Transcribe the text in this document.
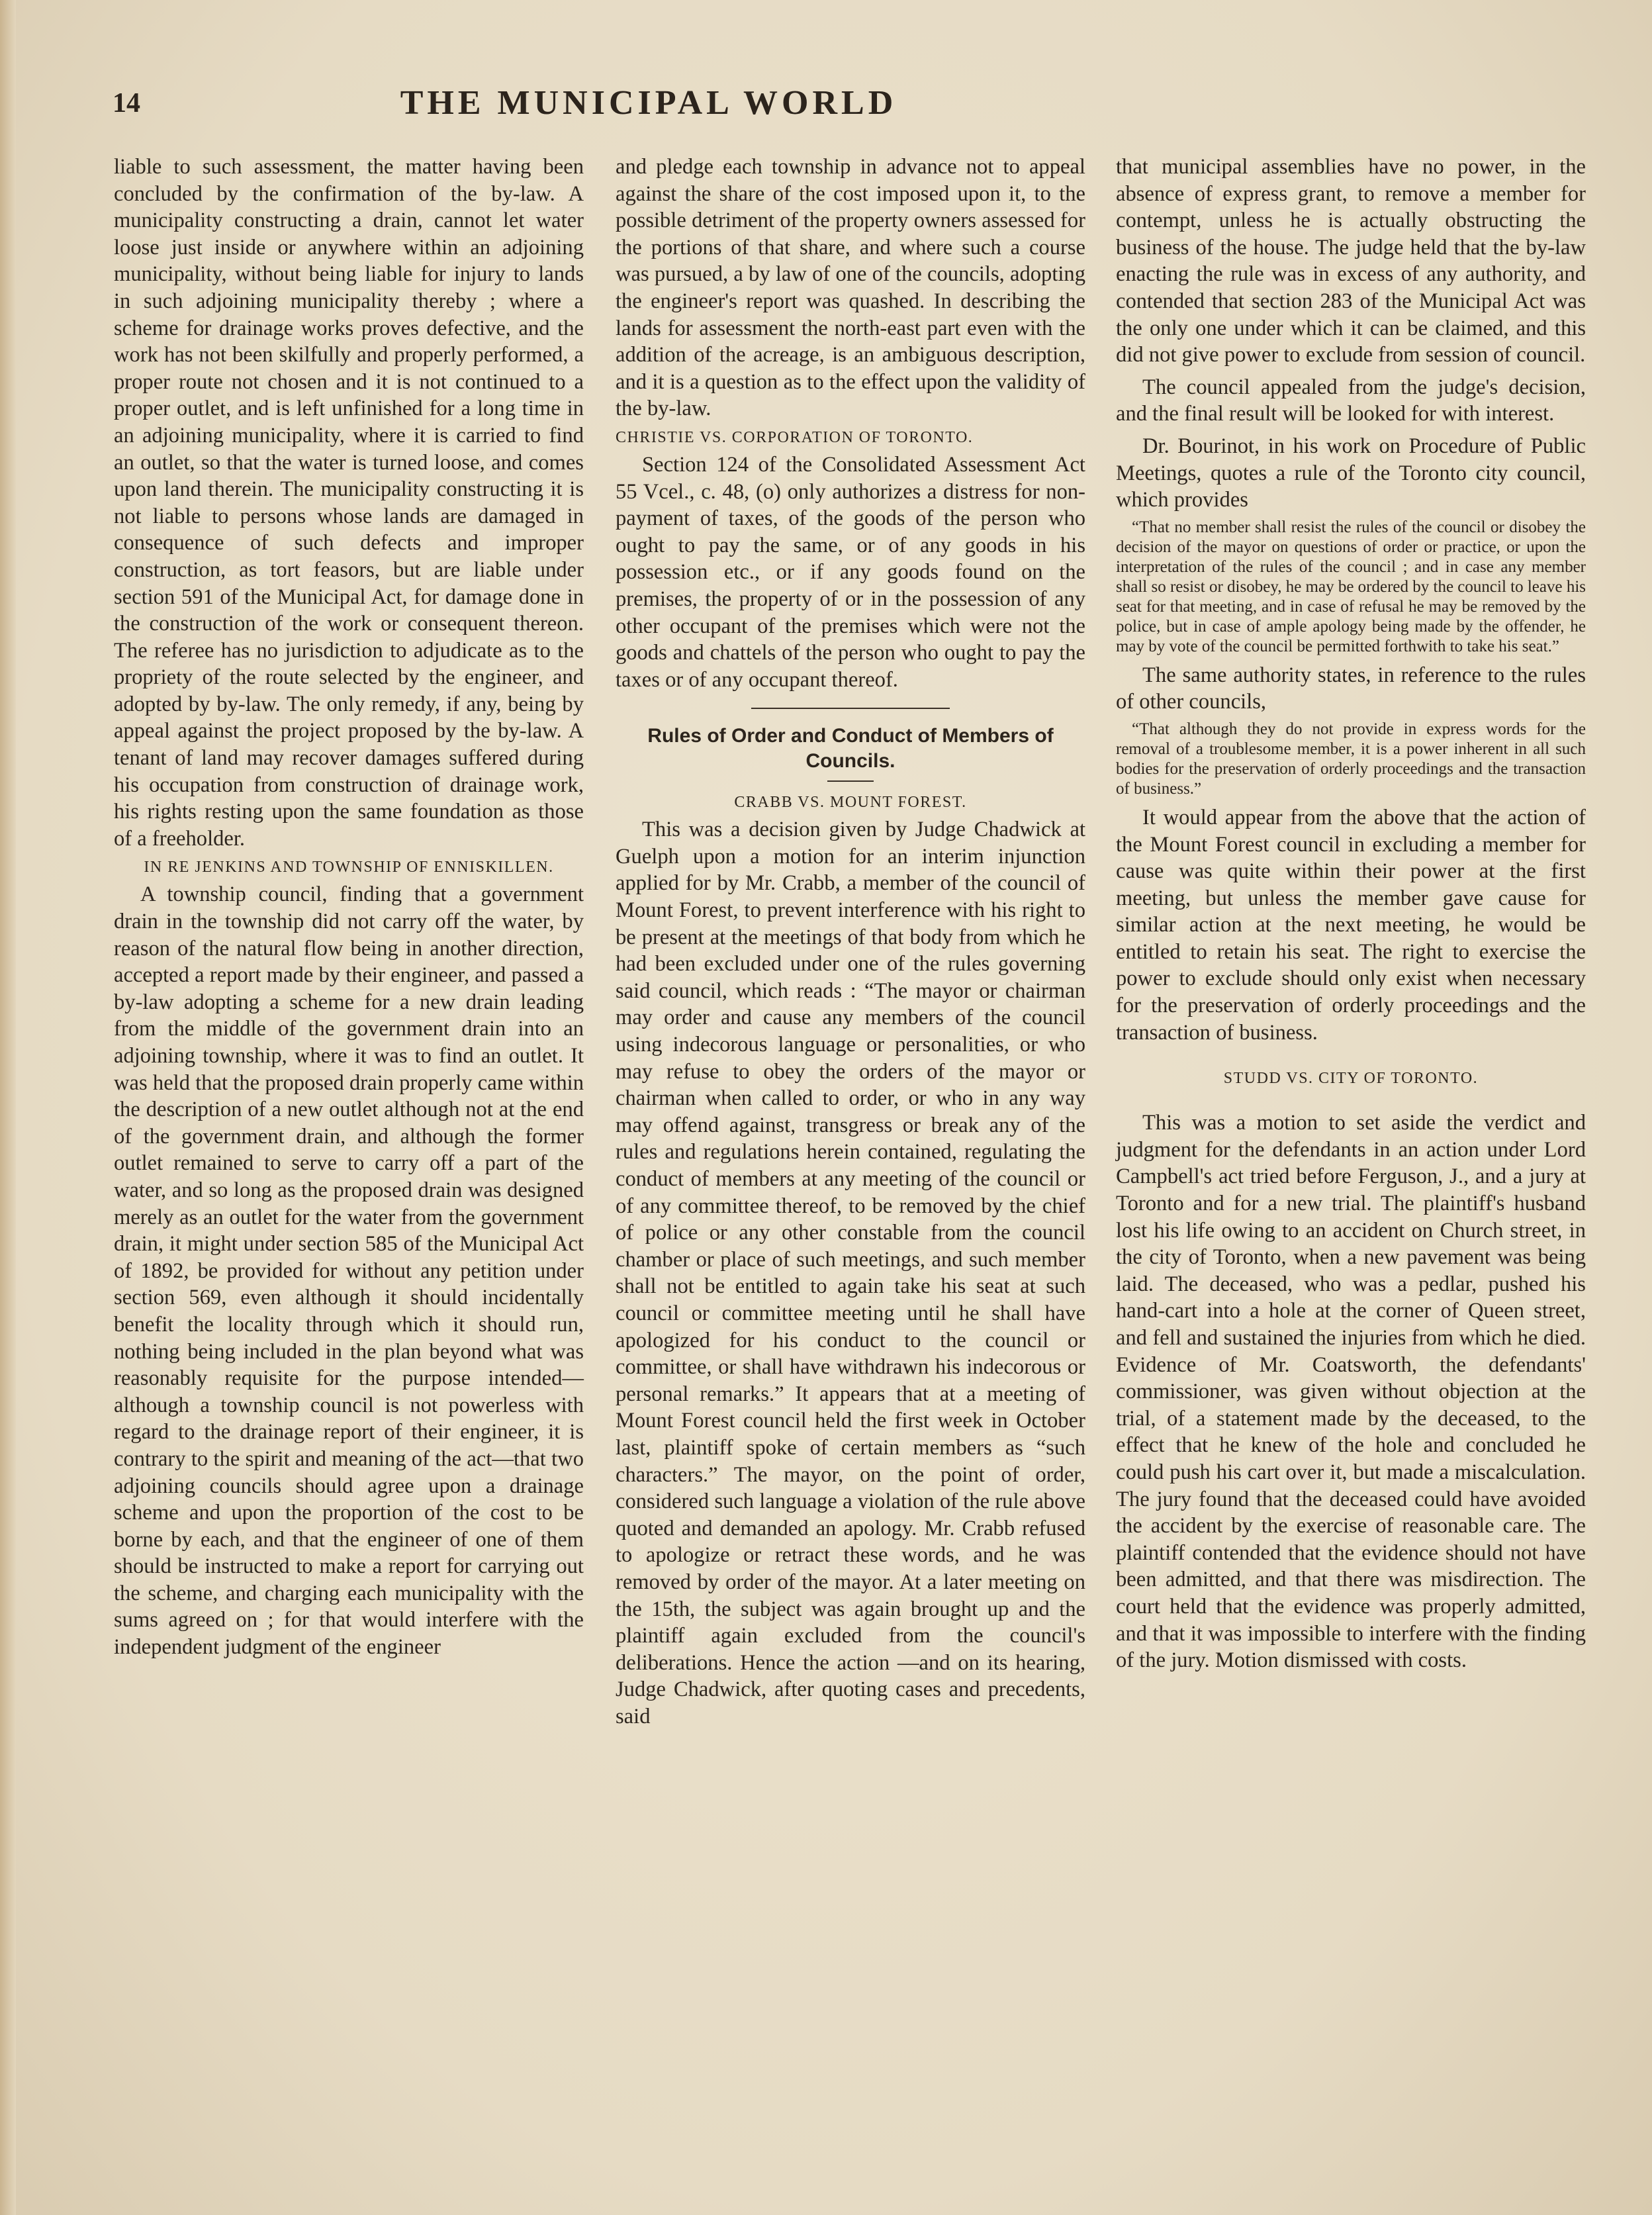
14	THE MUNICIPAL WORLD

liable to such assessment, the matter having been concluded by the confirmation of the by-law. A municipality constructing a drain, cannot let water loose just inside or anywhere within an adjoining municipality, without being liable for injury to lands in such adjoining municipality thereby ; where a scheme for drainage works proves defective, and the work has not been skilfully and properly performed, a proper route not chosen and it is not continued to a proper outlet, and is left unfinished for a long time in an adjoining municipality, where it is carried to find an outlet, so that the water is turned loose, and comes upon land therein. The municipality constructing it is not liable to persons whose lands are damaged in consequence of such defects and improper construction, as tort feasors, but are liable under section 591 of the Municipal Act, for damage done in the construction of the work or consequent thereon. The referee has no jurisdiction to adjudicate as to the propriety of the route selected by the engineer, and adopted by by-law. The only remedy, if any, being by appeal against the project proposed by the by-law. A tenant of land may recover damages suffered during his occupation from construction of drainage work, his rights resting upon the same foundation as those of a freeholder.

IN RE JENKINS AND TOWNSHIP OF ENNISKILLEN.

A township council, finding that a government drain in the township did not carry off the water, by reason of the natural flow being in another direction, accepted a report made by their engineer, and passed a by-law adopting a scheme for a new drain leading from the middle of the government drain into an adjoining township, where it was to find an outlet. It was held that the proposed drain properly came within the description of a new outlet although not at the end of the government drain, and although the former outlet remained to serve to carry off a part of the water, and so long as the proposed drain was designed merely as an outlet for the water from the government drain, it might under section 585 of the Municipal Act of 1892, be provided for without any petition under section 569, even although it should incidentally benefit the locality through which it should run, nothing being included in the plan beyond what was reasonably requisite for the purpose intended—although a township council is not powerless with regard to the drainage report of their engineer, it is contrary to the spirit and meaning of the act—that two adjoining councils should agree upon a drainage scheme and upon the proportion of the cost to be borne by each, and that the engineer of one of them should be instructed to make a report for carrying out the scheme, and charging each municipality with the sums agreed on ; for that would interfere with the independent judgment of the engineer

and pledge each township in advance not to appeal against the share of the cost imposed upon it, to the possible detriment of the property owners assessed for the portions of that share, and where such a course was pursued, a by law of one of the councils, adopting the engineer's report was quashed. In describing the lands for assessment the north-east part even with the addition of the acreage, is an ambiguous description, and it is a question as to the effect upon the validity of the by-law.

CHRISTIE VS. CORPORATION OF TORONTO.

Section 124 of the Consolidated Assessment Act 55 Vcel., c. 48, (o) only authorizes a distress for non-payment of taxes, of the goods of the person who ought to pay the same, or of any goods in his possession etc., or if any goods found on the premises, the property of or in the possession of any other occupant of the premises which were not the goods and chattels of the person who ought to pay the taxes or of any occupant thereof.

Rules of Order and Conduct of Members of Councils.
CRABB VS. MOUNT FOREST.

This was a decision given by Judge Chadwick at Guelph upon a motion for an interim injunction applied for by Mr. Crabb, a member of the council of Mount Forest, to prevent interference with his right to be present at the meetings of that body from which he had been excluded under one of the rules governing said council, which reads : “The mayor or chairman may order and cause any members of the council using indecorous language or personalities, or who may refuse to obey the orders of the mayor or chairman when called to order, or who in any way may offend against, transgress or break any of the rules and regulations herein contained, regulating the conduct of members at any meeting of the council or of any committee thereof, to be removed by the chief of police or any other constable from the council chamber or place of such meetings, and such member shall not be entitled to again take his seat at such council or committee meeting until he shall have apologized for his conduct to the council or committee, or shall have withdrawn his indecorous or personal remarks.” It appears that at a meeting of Mount Forest council held the first week in October last, plaintiff spoke of certain members as “such characters.” The mayor, on the point of order, considered such language a violation of the rule above quoted and demanded an apology. Mr. Crabb refused to apologize or retract these words, and he was removed by order of the mayor. At a later meeting on the 15th, the subject was again brought up and the plaintiff again excluded from the council's deliberations. Hence the action —and on its hearing, Judge Chadwick, after quoting cases and precedents, said

that municipal assemblies have no power, in the absence of express grant, to remove a member for contempt, unless he is actually obstructing the business of the house. The judge held that the by-law enacting the rule was in excess of any authority, and contended that section 283 of the Municipal Act was the only one under which it can be claimed, and this did not give power to exclude from session of council.

The council appealed from the judge's decision, and the final result will be looked for with interest.

Dr. Bourinot, in his work on Procedure of Public Meetings, quotes a rule of the Toronto city council, which provides

“That no member shall resist the rules of the council or disobey the decision of the mayor on questions of order or practice, or upon the interpretation of the rules of the council ; and in case any member shall so resist or disobey, he may be ordered by the council to leave his seat for that meeting, and in case of refusal he may be removed by the police, but in case of ample apology being made by the offender, he may by vote of the council be permitted forthwith to take his seat.”

The same authority states, in reference to the rules of other councils,

“That although they do not provide in express words for the removal of a troublesome member, it is a power inherent in all such bodies for the preservation of orderly proceedings and the transaction of business.”

It would appear from the above that the action of the Mount Forest council in excluding a member for cause was quite within their power at the first meeting, but unless the member gave cause for similar action at the next meeting, he would be entitled to retain his seat. The right to exercise the power to exclude should only exist when necessary for the preservation of orderly proceedings and the transaction of business.

STUDD VS. CITY OF TORONTO.

This was a motion to set aside the verdict and judgment for the defendants in an action under Lord Campbell's act tried before Ferguson, J., and a jury at Toronto and for a new trial. The plaintiff's husband lost his life owing to an accident on Church street, in the city of Toronto, when a new pavement was being laid. The deceased, who was a pedlar, pushed his hand-cart into a hole at the corner of Queen street, and fell and sustained the injuries from which he died. Evidence of Mr. Coatsworth, the defendants' commissioner, was given without objection at the trial, of a statement made by the deceased, to the effect that he knew of the hole and concluded he could push his cart over it, but made a miscalculation. The jury found that the deceased could have avoided the accident by the exercise of reasonable care. The plaintiff contended that the evidence should not have been admitted, and that there was misdirection. The court held that the evidence was properly admitted, and that it was impossible to interfere with the finding of the jury. Motion dismissed with costs.
